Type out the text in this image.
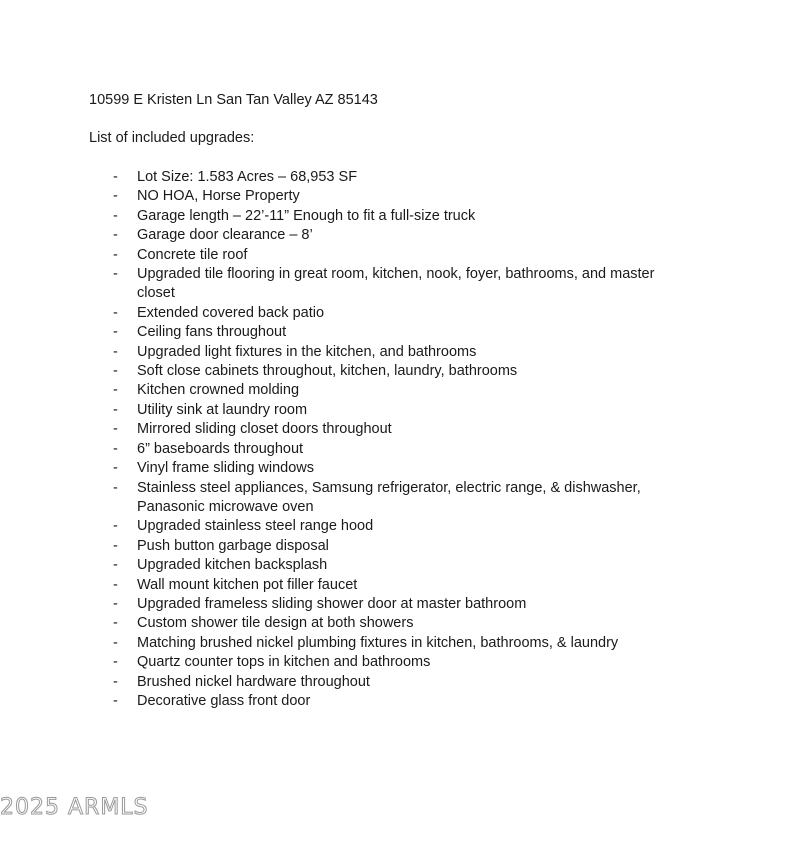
10599 E Kristen Ln San Tan Valley AZ 85143

List of included upgrades:

- Lot Size: 1.583 Acres – 68,953 SF
- NO HOA, Horse Property
- Garage length – 22’-11” Enough to fit a full-size truck
- Garage door clearance – 8’
- Concrete tile roof
- Upgraded tile flooring in great room, kitchen, nook, foyer, bathrooms, and master closet
- Extended covered back patio
- Ceiling fans throughout
- Upgraded light fixtures in the kitchen, and bathrooms
- Soft close cabinets throughout, kitchen, laundry, bathrooms
- Kitchen crowned molding
- Utility sink at laundry room
- Mirrored sliding closet doors throughout
- 6” baseboards throughout
- Vinyl frame sliding windows
- Stainless steel appliances, Samsung refrigerator, electric range, & dishwasher, Panasonic microwave oven
- Upgraded stainless steel range hood
- Push button garbage disposal
- Upgraded kitchen backsplash
- Wall mount kitchen pot filler faucet
- Upgraded frameless sliding shower door at master bathroom
- Custom shower tile design at both showers
- Matching brushed nickel plumbing fixtures in kitchen, bathrooms, & laundry
- Quartz counter tops in kitchen and bathrooms
- Brushed nickel hardware throughout
- Decorative glass front door
2025 ARMLS
